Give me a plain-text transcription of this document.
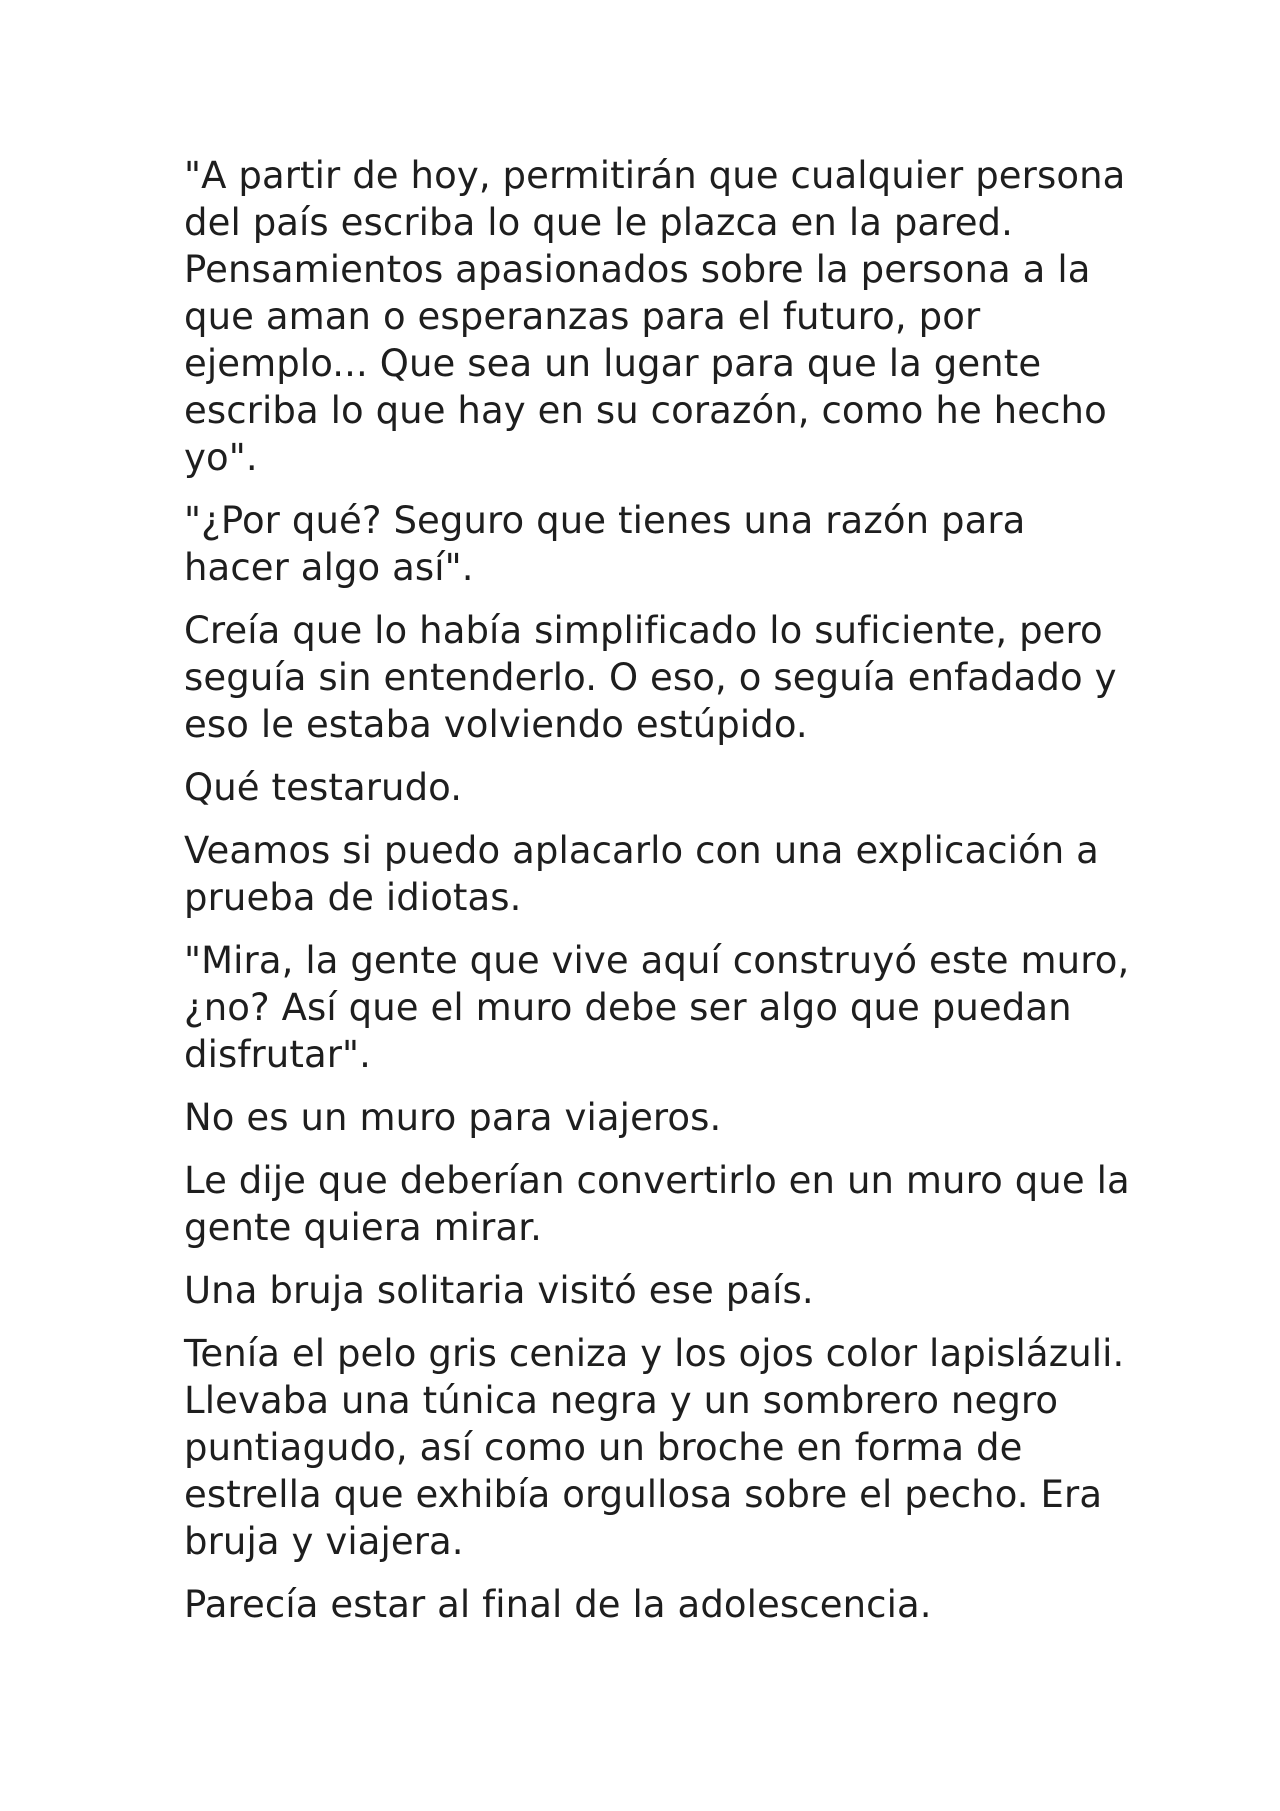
"A partir de hoy, permitirán que cualquier persona del país escriba lo que le plazca en la pared. Pensamientos apasionados sobre la persona a la que aman o esperanzas para el futuro, por ejemplo... Que sea un lugar para que la gente escriba lo que hay en su corazón, como he hecho yo".

"¿Por qué? Seguro que tienes una razón para hacer algo así".

Creía que lo había simplificado lo suficiente, pero seguía sin entenderlo. O eso, o seguía enfadado y eso le estaba volviendo estúpido.

Qué testarudo.

Veamos si puedo aplacarlo con una explicación a prueba de idiotas.

"Mira, la gente que vive aquí construyó este muro, ¿no? Así que el muro debe ser algo que puedan disfrutar".

No es un muro para viajeros.

Le dije que deberían convertirlo en un muro que la gente quiera mirar.

Una bruja solitaria visitó ese país.

Tenía el pelo gris ceniza y los ojos color lapislázuli. Llevaba una túnica negra y un sombrero negro puntiagudo, así como un broche en forma de estrella que exhibía orgullosa sobre el pecho. Era bruja y viajera.

Parecía estar al final de la adolescencia.
